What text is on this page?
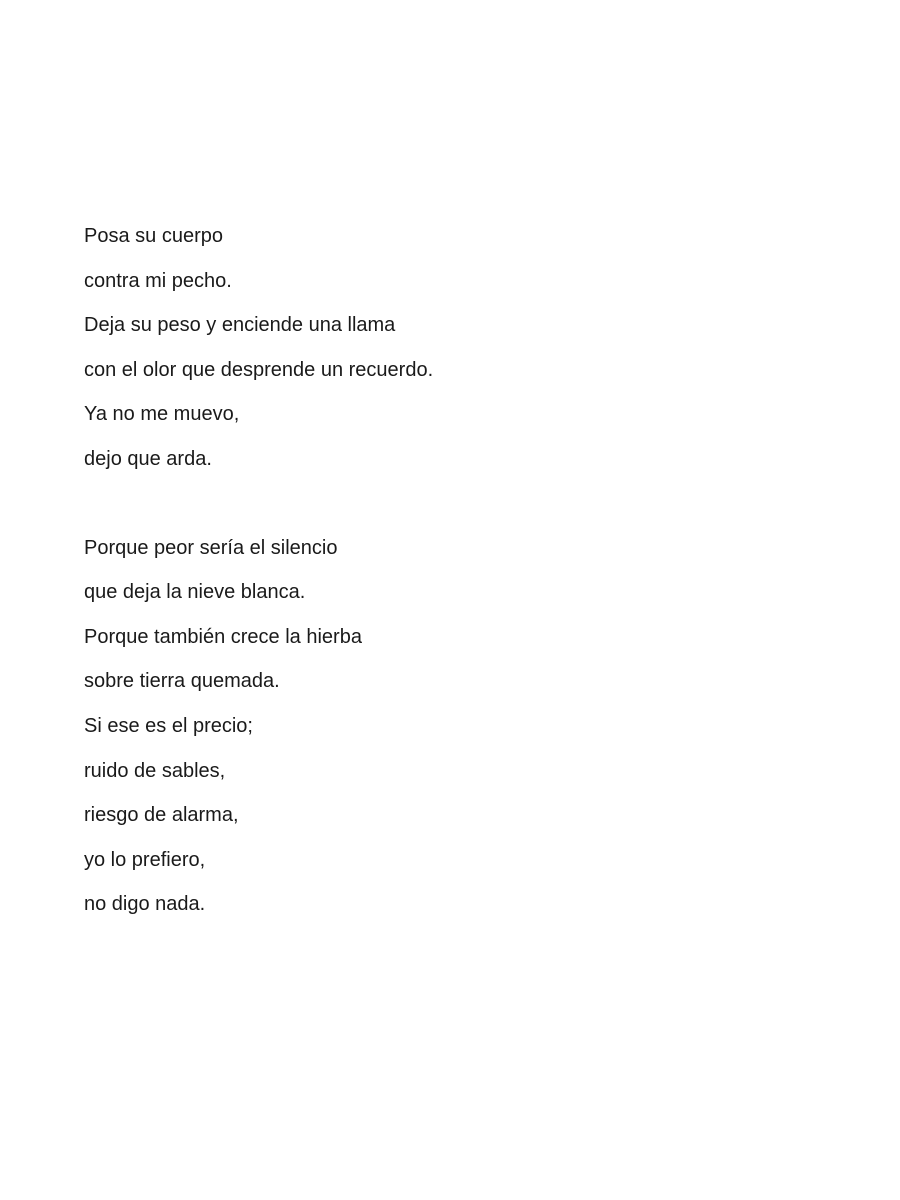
Posa su cuerpo
contra mi pecho.
Deja su peso y enciende una llama
con el olor que desprende un recuerdo.
Ya no me muevo,
dejo que arda.
Porque peor sería el silencio
que deja la nieve blanca.
Porque también crece la hierba
sobre tierra quemada.
Si ese es el precio;
ruido de sables,
riesgo de alarma,
yo lo prefiero,
no digo nada.
